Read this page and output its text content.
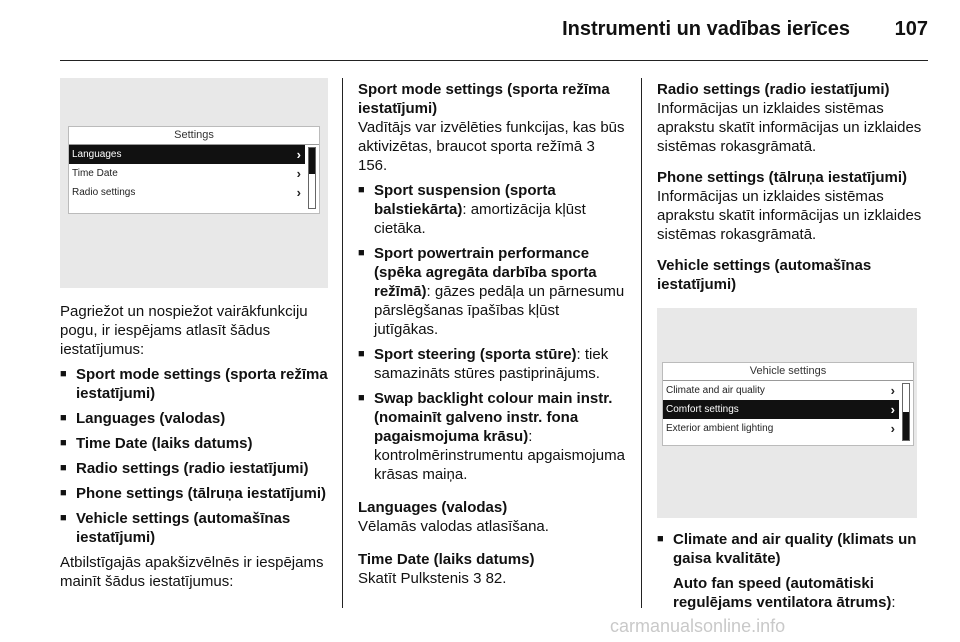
Instrumenti un vadības ierīces	107
Settings
Languages	›
Time Date	›
Radio settings	›

Pagriežot un nospiežot vairākfunkciju pogu, ir iespējams atlasīt šādus iestatījumus:

■ Sport mode settings (sporta režīma iestatījumi)
■ Languages (valodas)
■ Time Date (laiks datums)
■ Radio settings (radio iestatījumi)
■ Phone settings (tālruņa iestatījumi)
■ Vehicle settings (automašīnas iestatījumi)

Atbilstīgajās apakšizvēlnēs ir iespējams mainīt šādus iestatījumus:

Sport mode settings (sporta režīma iestatījumi)

Vadītājs var izvēlēties funkcijas, kas būs aktivizētas, braucot sporta režīmā 3 156.

■ Sport suspension (sporta balstiekārta): amortizācija kļūst cietāka.
■ Sport powertrain performance (spēka agregāta darbība sporta režīmā): gāzes pedāļa un pārnesumu pārslēgšanas īpašības kļūst jutīgākas.
■ Sport steering (sporta stūre): tiek samazināts stūres pastiprinājums.
■ Swap backlight colour main instr. (nomainīt galveno instr. fona pagaismojuma krāsu): kontrolmērinstrumentu apgaismojuma krāsas maiņa.

Languages (valodas)

Vēlamās valodas atlasīšana.

Time Date (laiks datums)

Skatīt Pulkstenis 3 82.

Radio settings (radio iestatījumi)

Informācijas un izklaides sistēmas aprakstu skatīt informācijas un izklaides sistēmas rokasgrāmatā.

Phone settings (tālruņa iestatījumi)

Informācijas un izklaides sistēmas aprakstu skatīt informācijas un izklaides sistēmas rokasgrāmatā.

Vehicle settings (automašīnas iestatījumi)

Vehicle settings
Climate and air quality	›
Comfort settings	›
Exterior ambient lighting	›
■ Climate and air quality (klimats un gaisa kvalitāte)

Auto fan speed (automātiski regulējams ventilatora ātrums):

carmanualsonline.info
